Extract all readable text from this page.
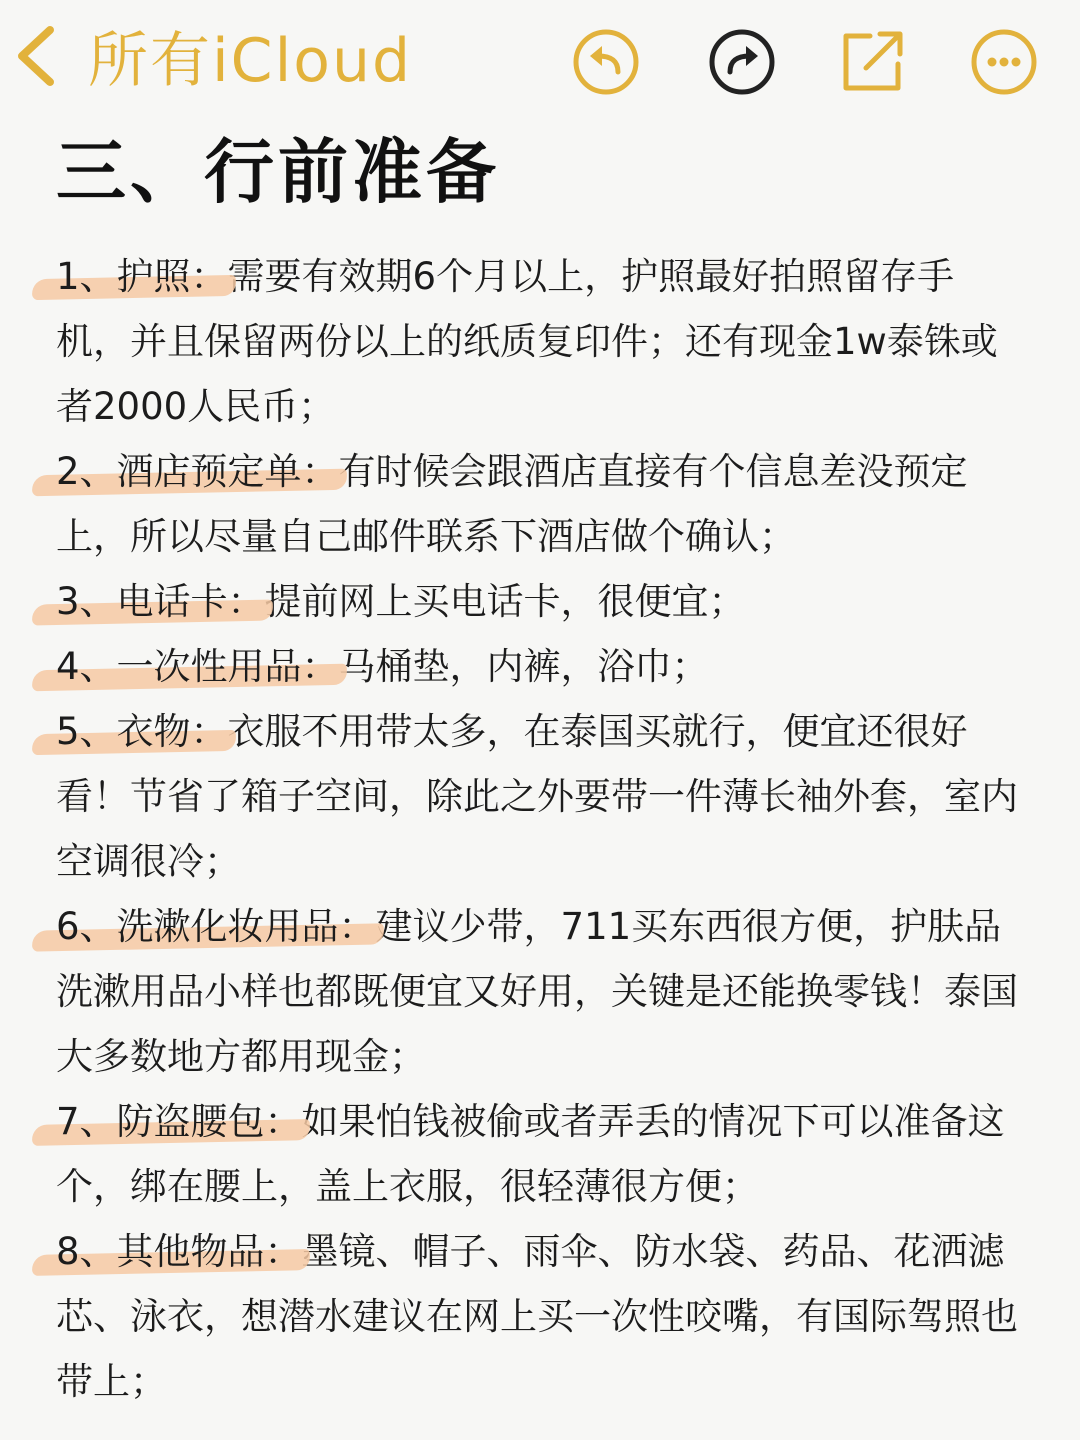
所有iCloud
三、行前准备

1、护照：需要有效期6个月以上，护照最好拍照留存手机，并且保留两份以上的纸质复印件；还有现金1w泰铢或者2000人民币；

2、酒店预定单：有时候会跟酒店直接有个信息差没预定上，所以尽量自己邮件联系下酒店做个确认；

3、电话卡：提前网上买电话卡，很便宜；

4、一次性用品：马桶垫，内裤，浴巾；

5、衣物：衣服不用带太多，在泰国买就行，便宜还很好看！节省了箱子空间，除此之外要带一件薄长袖外套，室内空调很冷；

6、洗漱化妆用品：建议少带，711买东西很方便，护肤品洗漱用品小样也都既便宜又好用，关键是还能换零钱！泰国大多数地方都用现金；

7、防盗腰包：如果怕钱被偷或者弄丢的情况下可以准备这个，绑在腰上，盖上衣服，很轻薄很方便；

8、其他物品：墨镜、帽子、雨伞、防水袋、药品、花洒滤芯、泳衣，想潜水建议在网上买一次性咬嘴，有国际驾照也带上；
